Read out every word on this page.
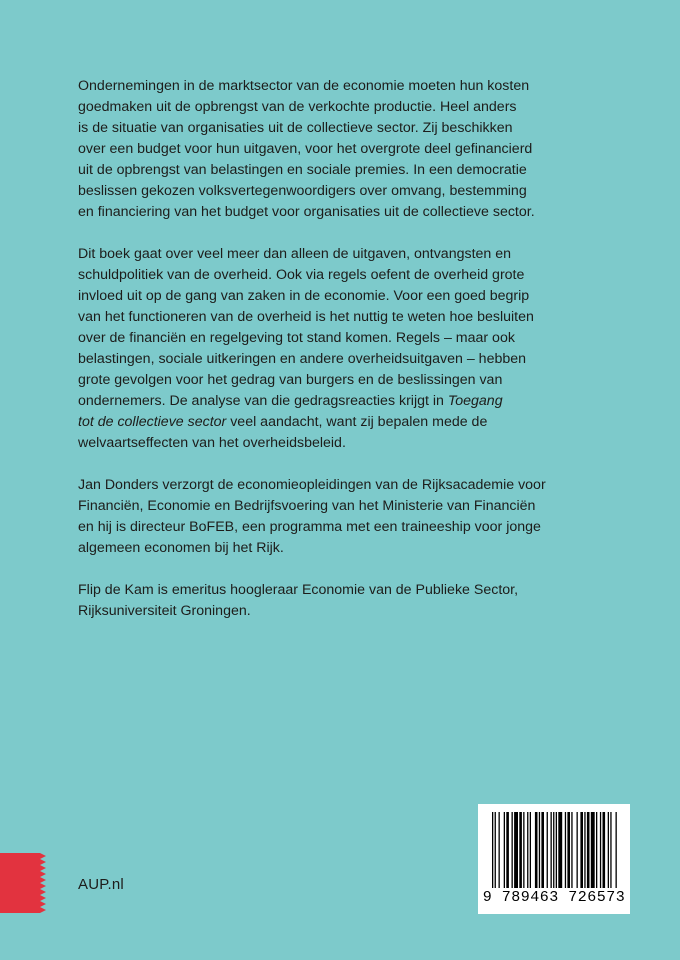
Ondernemingen in de marktsector van de economie moeten hun kosten
goedmaken uit de opbrengst van de verkochte productie. Heel anders
is de situatie van organisaties uit de collectieve sector. Zij beschikken
over een budget voor hun uitgaven, voor het overgrote deel gefinancierd
uit de opbrengst van belastingen en sociale premies. In een democratie
beslissen gekozen volksvertegenwoordigers over omvang, bestemming
en financiering van het budget voor organisaties uit de collectieve sector.

Dit boek gaat over veel meer dan alleen de uitgaven, ontvangsten en
schuldpolitiek van de overheid. Ook via regels oefent de overheid grote
invloed uit op de gang van zaken in de economie. Voor een goed begrip
van het functioneren van de overheid is het nuttig te weten hoe besluiten
over de financiën en regelgeving tot stand komen. Regels – maar ook
belastingen, sociale uitkeringen en andere overheidsuitgaven – hebben
grote gevolgen voor het gedrag van burgers en de beslissingen van
ondernemers. De analyse van die gedragsreacties krijgt in Toegang
tot de collectieve sector veel aandacht, want zij bepalen mede de
welvaartseffecten van het overheidsbeleid.

Jan Donders verzorgt de economieopleidingen van de Rijksacademie voor
Financiën, Economie en Bedrijfsvoering van het Ministerie van Financiën
en hij is directeur BoFEB, een programma met een traineeship voor jonge
algemeen economen bij het Rijk.

Flip de Kam is emeritus hoogleraar Economie van de Publieke Sector,
Rijksuniversiteit Groningen.

AUP.nl
9 789463 726573
